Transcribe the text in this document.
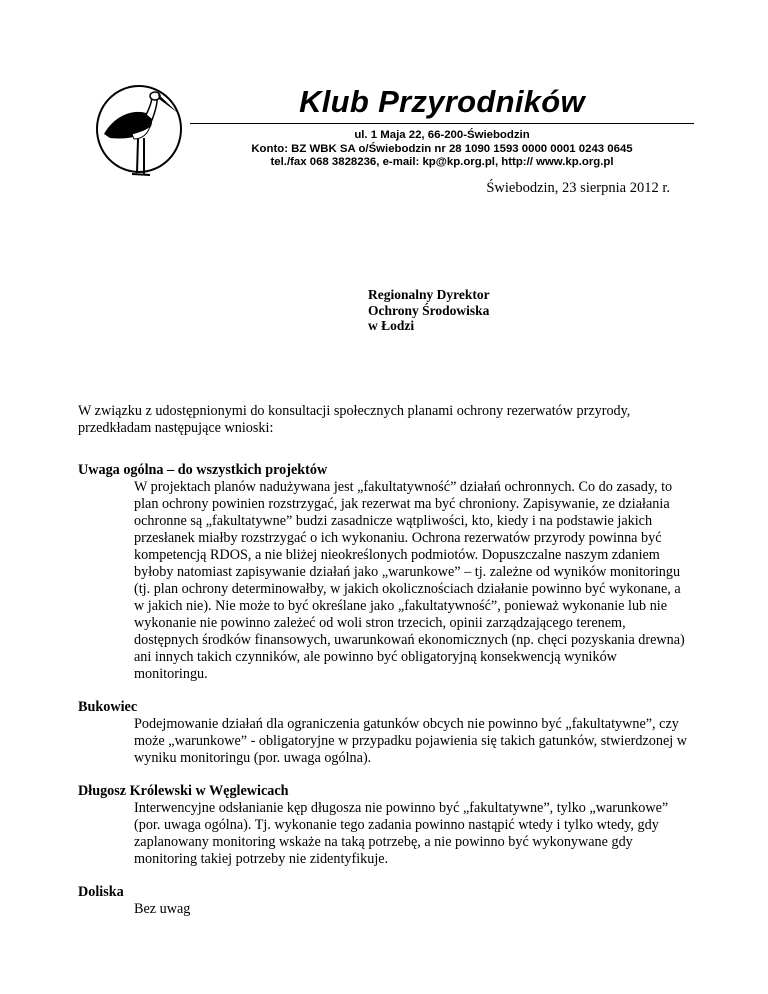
Klub Przyrodników
ul. 1 Maja 22, 66-200-Świebodzin
Konto: BZ WBK SA o/Świebodzin nr 28 1090 1593 0000 0001 0243 0645
tel./fax 068 3828236, e-mail: kp@kp.org.pl, http:// www.kp.org.pl
Świebodzin, 23 sierpnia 2012 r.
Regionalny Dyrektor
Ochrony Środowiska
w Łodzi

W związku z udostępnionymi do konsultacji społecznych planami ochrony rezerwatów przyrody, przedkładam następujące wnioski:

Uwaga ogólna – do wszystkich projektów

W projektach planów nadużywana jest „fakultatywność” działań ochronnych. Co do zasady, to plan ochrony powinien rozstrzygać, jak rezerwat ma być chroniony. Zapisywanie, ze działania ochronne są „fakultatywne” budzi zasadnicze wątpliwości, kto, kiedy i na podstawie jakich przesłanek miałby rozstrzygać o ich wykonaniu. Ochrona rezerwatów przyrody powinna być kompetencją RDOS, a nie bliżej nieokreślonych podmiotów. Dopuszczalne naszym zdaniem byłoby natomiast zapisywanie działań jako „warunkowe” – tj. zależne od wyników monitoringu (tj. plan ochrony determinowałby, w jakich okolicznościach działanie powinno być wykonane, a w jakich nie). Nie może to być określane jako „fakultatywność”, ponieważ wykonanie lub nie wykonanie nie powinno zależeć od woli stron trzecich, opinii zarządzającego terenem, dostępnych środków finansowych, uwarunkowań ekonomicznych (np. chęci pozyskania drewna) ani innych takich czynników, ale powinno być obligatoryjną konsekwencją wyników monitoringu.

Bukowiec

Podejmowanie działań dla ograniczenia gatunków obcych nie powinno być „fakultatywne”, czy może „warunkowe” - obligatoryjne w przypadku pojawienia się takich gatunków, stwierdzonej w wyniku monitoringu (por. uwaga ogólna).

Długosz Królewski w Węglewicach

Interwencyjne odsłanianie kęp długosza nie powinno być „fakultatywne”, tylko „warunkowe” (por. uwaga ogólna). Tj. wykonanie tego zadania powinno nastąpić wtedy i tylko wtedy, gdy zaplanowany monitoring wskaże na taką potrzebę, a nie powinno być wykonywane gdy monitoring takiej potrzeby nie zidentyfikuje.

Doliska

Bez uwag
